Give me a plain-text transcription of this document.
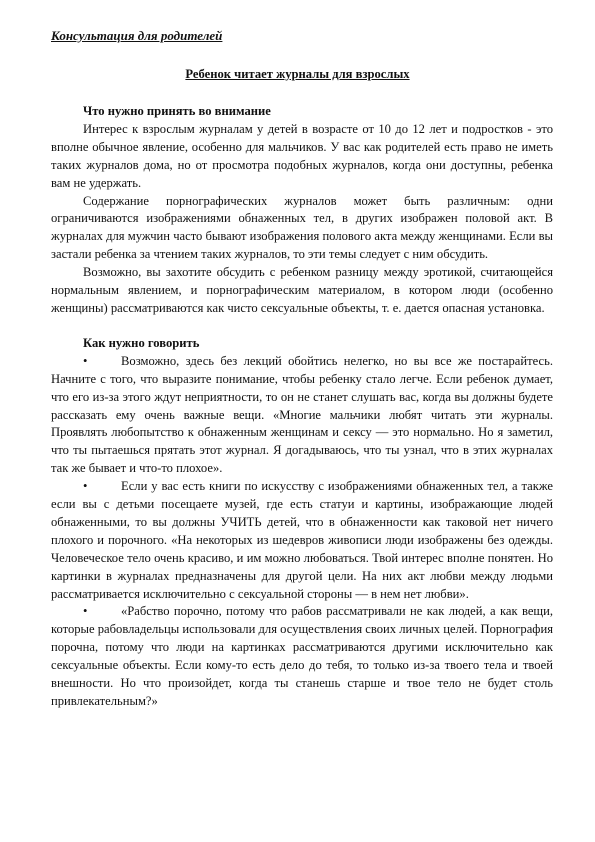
Консультация для родителей
Ребенок читает журналы для взрослых

Что нужно принять во внимание

Интерес к взрослым журналам у детей в возрасте от 10 до 12 лет и подростков - это вполне обычное явление, особенно для мальчиков. У вас как родителей есть право не иметь таких журналов дома, но от просмотра подобных журналов, когда они доступны, ребенка вам не удержать.

Содержание порнографических журналов может быть различным: одни ограничиваются изображениями обнаженных тел, в других изображен половой акт. В журналах для мужчин часто бывают изображения полового акта между женщинами. Если вы застали ребенка за чтением таких журналов, то эти темы следует с ним обсудить.

Возможно, вы захотите обсудить с ребенком разницу между эротикой, считающейся нормальным явлением, и порнографическим материалом, в котором люди (особенно женщины) рассматриваются как чисто сексуальные объекты, т. е. дается опасная установка.

Как нужно говорить

•	Возможно, здесь без лекций обойтись нелегко, но вы все же постарайтесь. Начните с того, что выразите понимание, чтобы ребенку стало легче. Если ребенок думает, что его из-за этого ждут неприятности, то он не станет слушать вас, когда вы должны будете рассказать ему очень важные вещи. «Многие мальчики любят читать эти журналы. Проявлять любопытство к обнаженным женщинам и сексу — это нормально. Но я заметил, что ты пытаешься прятать этот журнал. Я догадываюсь, что ты узнал, что в этих журналах так же бывает и что-то плохое».

•	Если у вас есть книги по искусству с изображениями обнаженных тел, а также если вы с детьми посещаете музей, где есть статуи и картины, изображающие людей обнаженными, то вы должны УЧИТЬ детей, что в обнаженности как таковой нет ничего плохого и порочного. «На некоторых из шедевров живописи люди изображены без одежды. Человеческое тело очень красиво, и им можно любоваться. Твой интерес вполне понятен. Но картинки в журналах предназначены для другой цели. На них акт любви между людьми рассматривается исключительно с сексуальной стороны — в нем нет любви».

•	«Рабство порочно, потому что рабов рассматривали не как людей, а как вещи, которые рабовладельцы использовали для осуществления своих личных целей. Порнография порочна, потому что люди на картинках рассматриваются другими исключительно как сексуальные объекты. Если кому-то есть дело до тебя, то только из-за твоего тела и твоей внешности. Но что произойдет, когда ты станешь старше и твое тело не будет столь привлекательным?»
